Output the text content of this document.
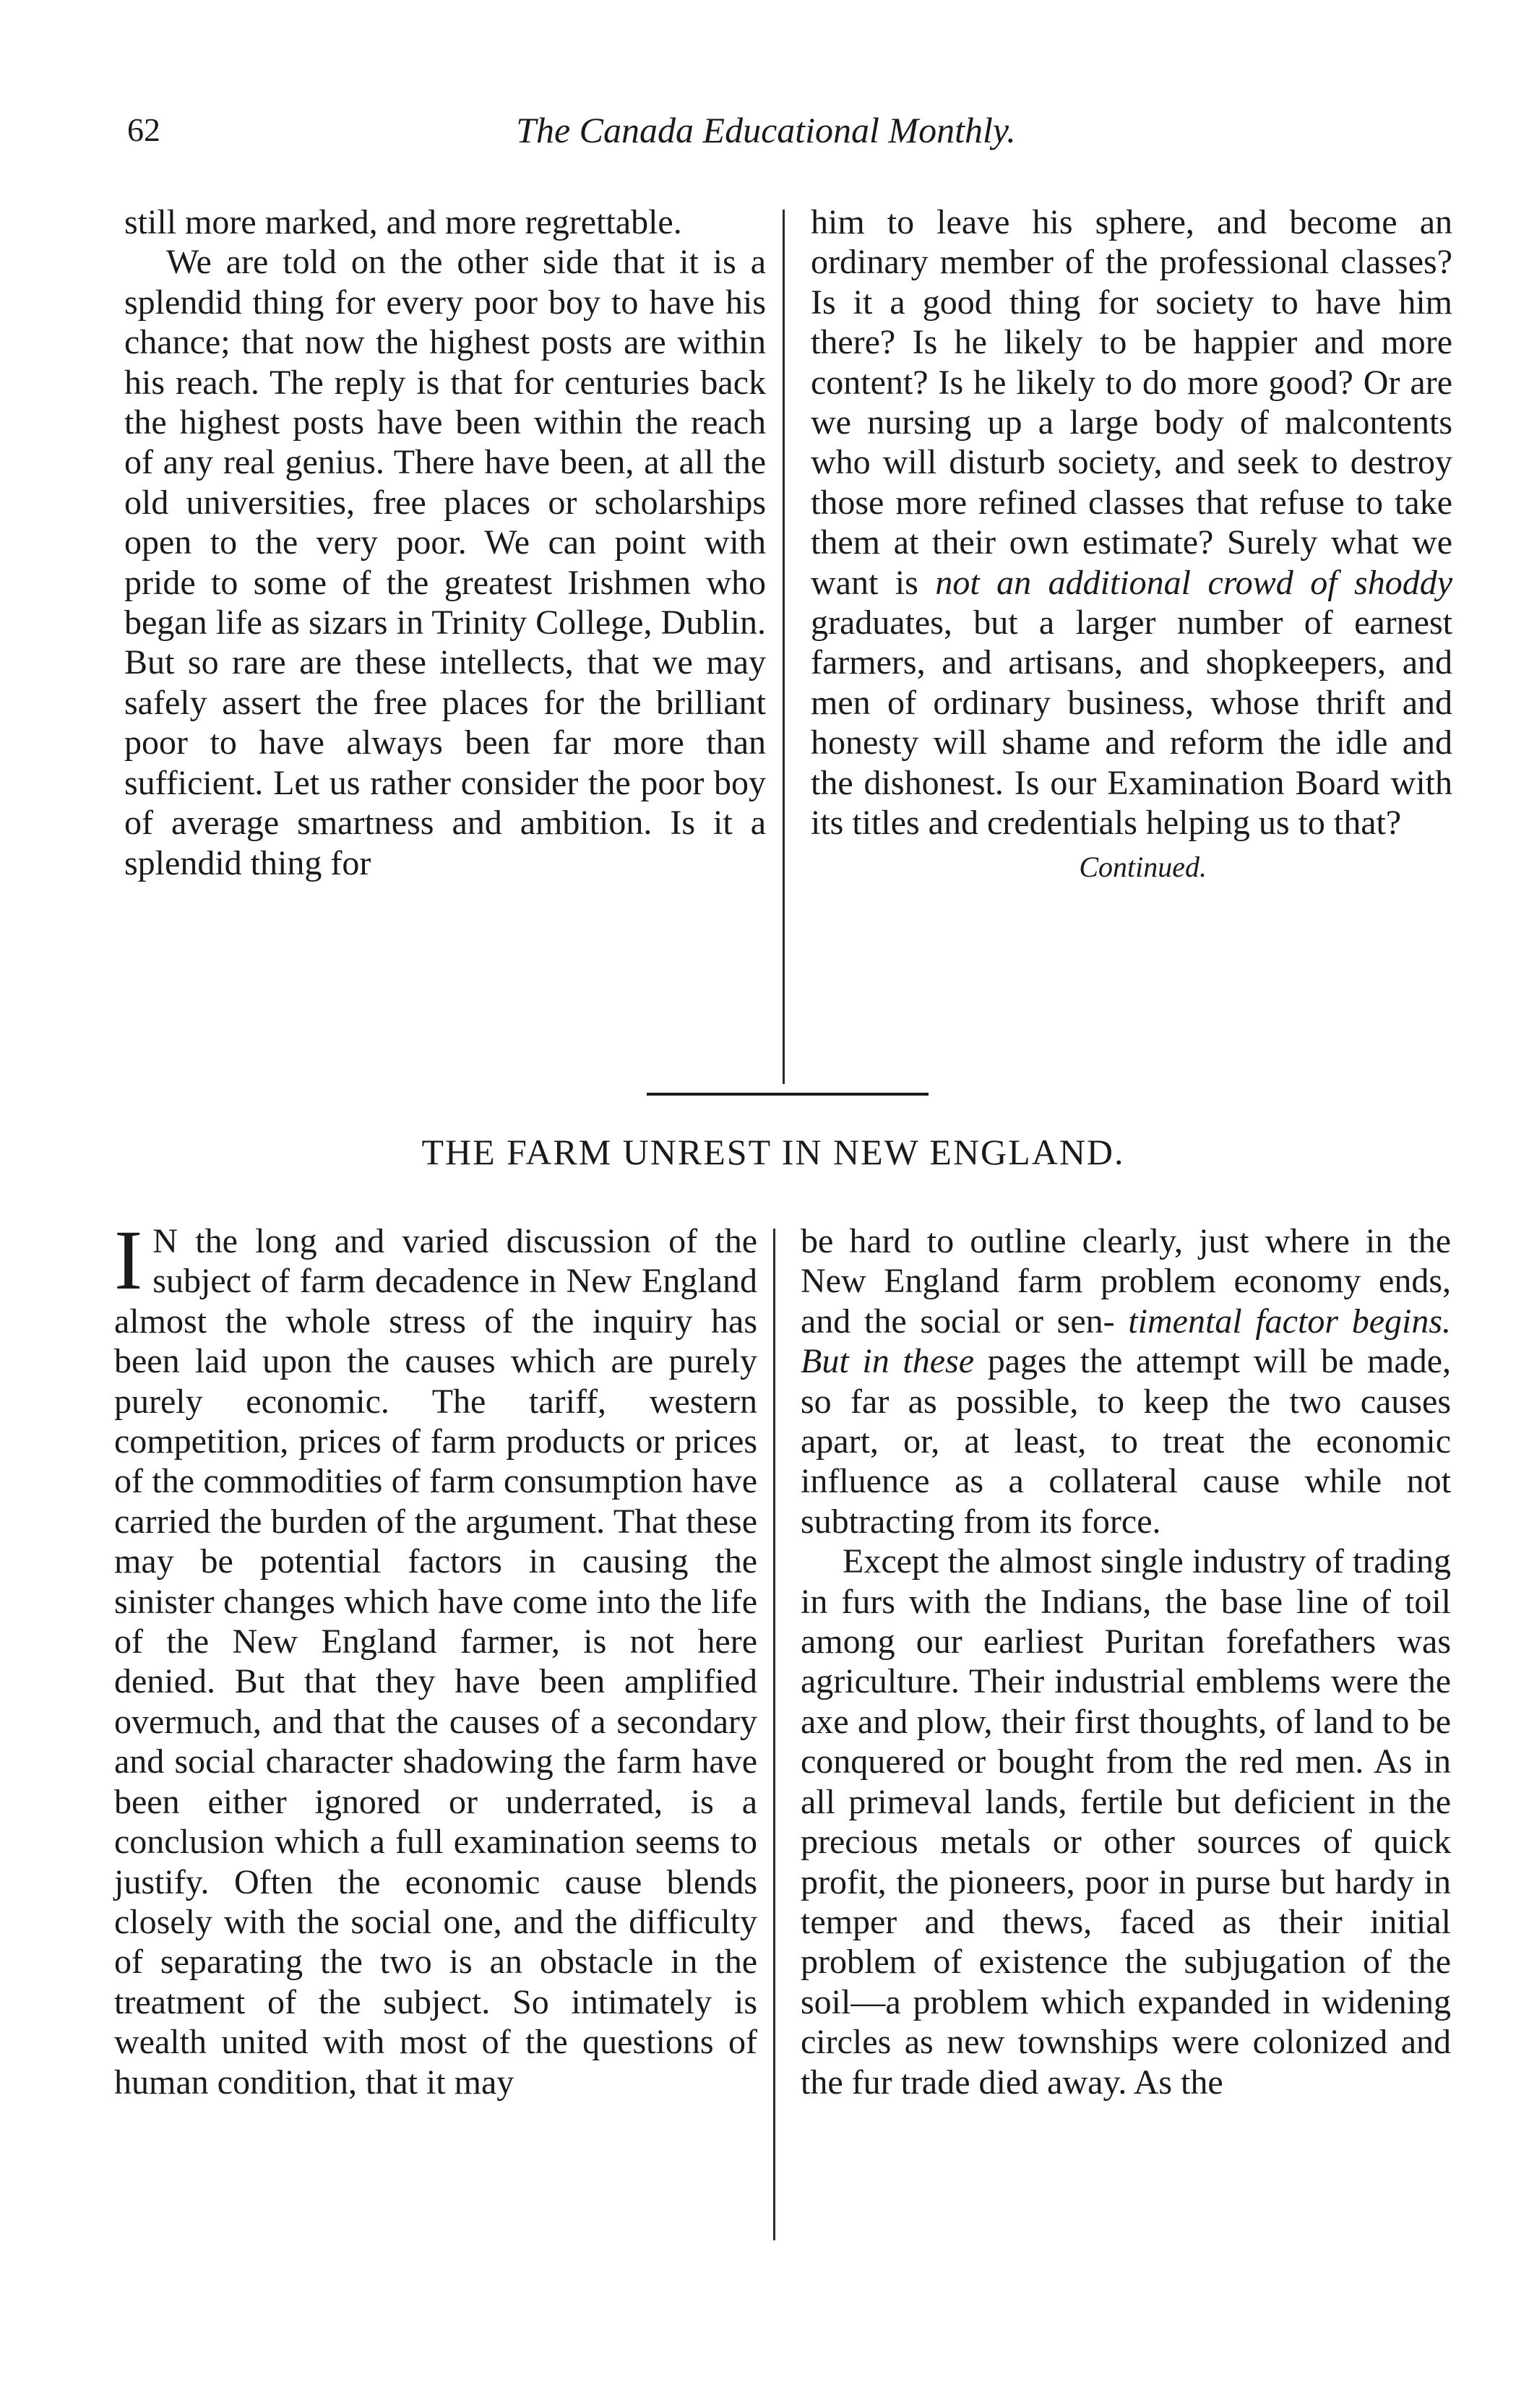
62	The Canada Educational Monthly.

still more marked, and more regrettable.

We are told on the other side that it is a splendid thing for every poor boy to have his chance; that now the highest posts are within his reach. The reply is that for centuries back the highest posts have been within the reach of any real genius. There have been, at all the old universities, free places or scholarships open to the very poor. We can point with pride to some of the greatest Irishmen who began life as sizars in Trinity College, Dublin. But so rare are these intellects, that we may safely assert the free places for the brilliant poor to have always been far more than sufficient. Let us rather consider the poor boy of average smartness and ambition. Is it a splendid thing for

him to leave his sphere, and become an ordinary member of the professional classes? Is it a good thing for society to have him there? Is he likely to be happier and more content? Is he likely to do more good? Or are we nursing up a large body of malcontents who will disturb society, and seek to destroy those more refined classes that refuse to take them at their own estimate? Surely what we want is not an additional crowd of shoddy graduates, but a larger number of earnest farmers, and artisans, and shopkeepers, and men of ordinary business, whose thrift and honesty will shame and reform the idle and the dishonest. Is our Examination Board with its titles and credentials helping us to that?

Continued.
THE FARM UNREST IN NEW ENGLAND.

I N the long and varied discussion of the subject of farm decadence in New England almost the whole stress of the inquiry has been laid upon the causes which are purely purely economic. The tariff, western competition, prices of farm products or prices of the commodities of farm consumption have carried the burden of the argument. That these may be potential factors in causing the sinister changes which have come into the life of the New England farmer, is not here denied. But that they have been amplified overmuch, and that the causes of a secondary and social character shadowing the farm have been either ignored or underrated, is a conclusion which a full examination seems to justify. Often the economic cause blends closely with the social one, and the difficulty of separating the two is an obstacle in the treatment of the subject. So intimately is wealth united with most of the questions of human condition, that it may

be hard to outline clearly, just where in the New England farm problem economy ends, and the social or sen- timental factor begins. But in these pages the attempt will be made, so far as possible, to keep the two causes apart, or, at least, to treat the economic influence as a collateral cause while not subtracting from its force.

Except the almost single industry of trading in furs with the Indians, the base line of toil among our earliest Puritan forefathers was agriculture. Their industrial emblems were the axe and plow, their first thoughts, of land to be conquered or bought from the red men. As in all primeval lands, fertile but deficient in the precious metals or other sources of quick profit, the pioneers, poor in purse but hardy in temper and thews, faced as their initial problem of existence the subjugation of the soil—a problem which expanded in widening circles as new townships were colonized and the fur trade died away. As the
